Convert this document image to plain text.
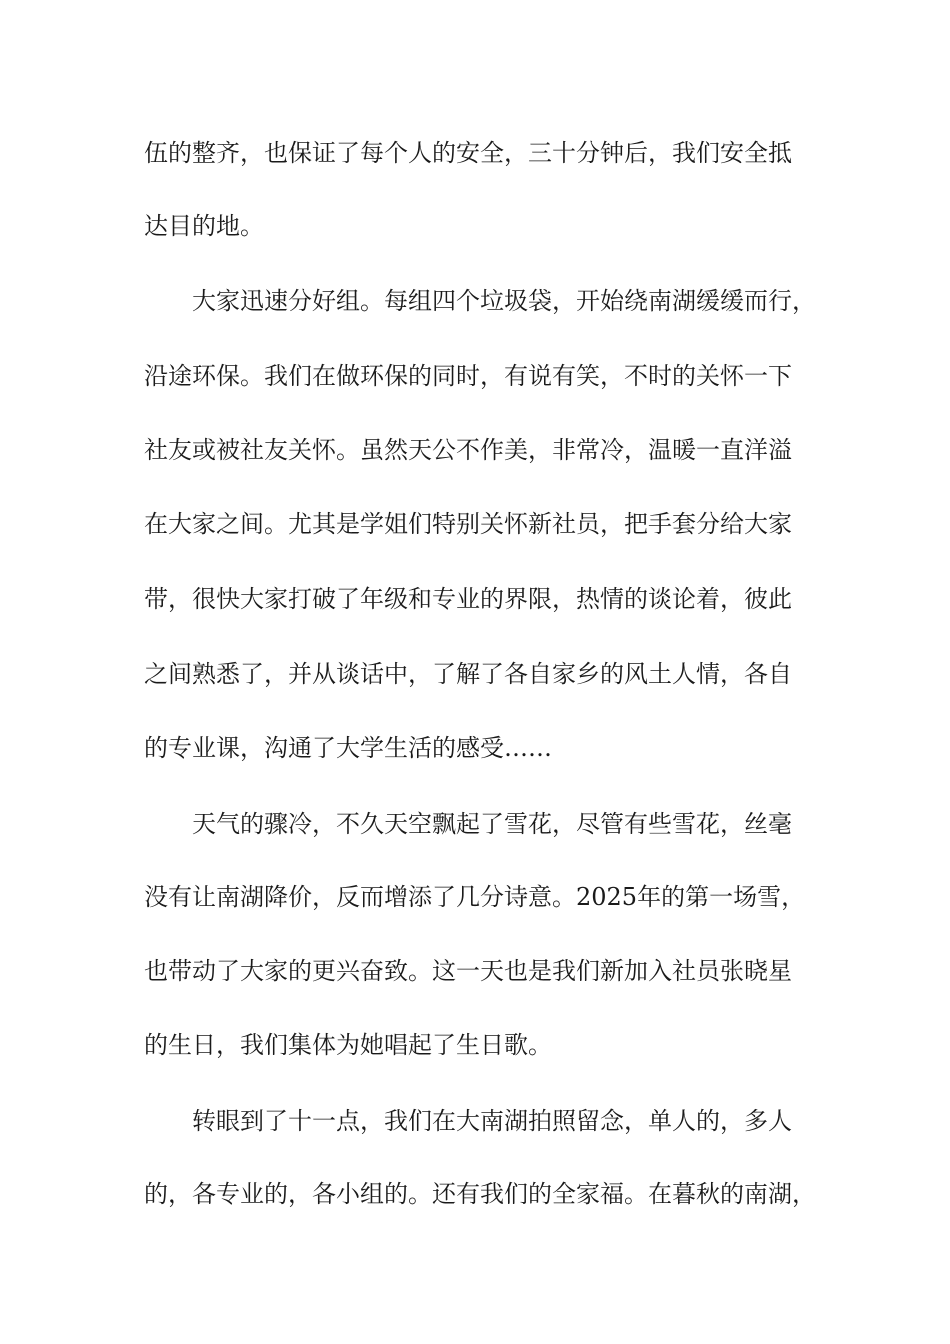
伍的整齐，也保证了每个人的安全，三十分钟后，我们安全抵

达目的地。

大家迅速分好组。每组四个垃圾袋，开始绕南湖缓缓而行，

沿途环保。我们在做环保的同时，有说有笑，不时的关怀一下

社友或被社友关怀。虽然天公不作美，非常冷，温暖一直洋溢

在大家之间。尤其是学姐们特别关怀新社员，把手套分给大家

带，很快大家打破了年级和专业的界限，热情的谈论着，彼此

之间熟悉了，并从谈话中，了解了各自家乡的风土人情，各自

的专业课，沟通了大学生活的感受……

天气的骤冷，不久天空飘起了雪花，尽管有些雪花，丝毫

没有让南湖降价，反而增添了几分诗意。2025年的第一场雪，

也带动了大家的更兴奋致。这一天也是我们新加入社员张晓星

的生日，我们集体为她唱起了生日歌。

转眼到了十一点，我们在大南湖拍照留念，单人的，多人

的，各专业的，各小组的。还有我们的全家福。在暮秋的南湖，
